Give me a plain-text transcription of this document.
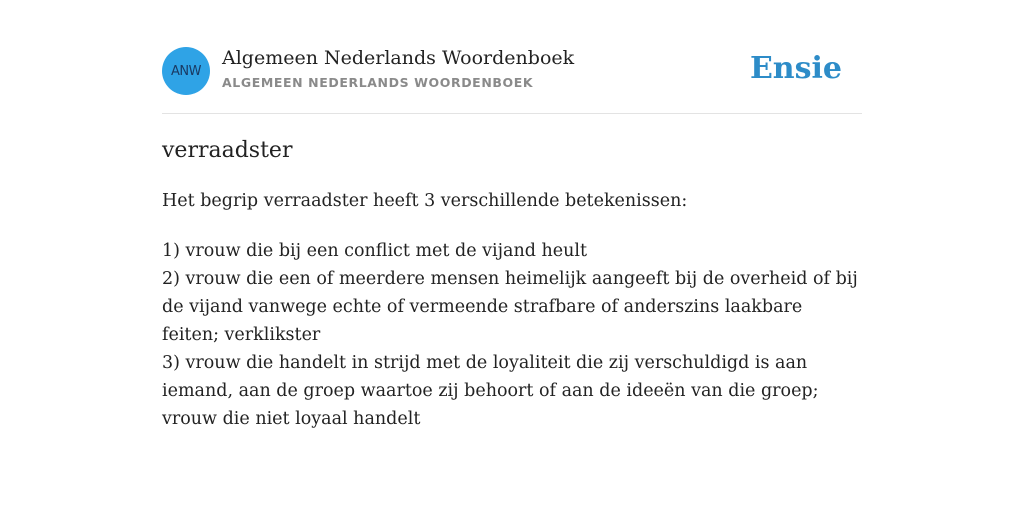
ANW
Algemeen Nederlands Woordenboek
ALGEMEEN NEDERLANDS WOORDENBOEK	Ensie
verraadster
Het begrip verraadster heeft 3 verschillende betekenissen:
1) vrouw die bij een conflict met de vijand heult
2) vrouw die een of meerdere mensen heimelijk aangeeft bij de overheid of bij de vijand vanwege echte of vermeende strafbare of anderszins laakbare feiten; verklikster
3) vrouw die handelt in strijd met de loyaliteit die zij verschuldigd is aan iemand, aan de groep waartoe zij behoort of aan de ideeën van die groep; vrouw die niet loyaal handelt
